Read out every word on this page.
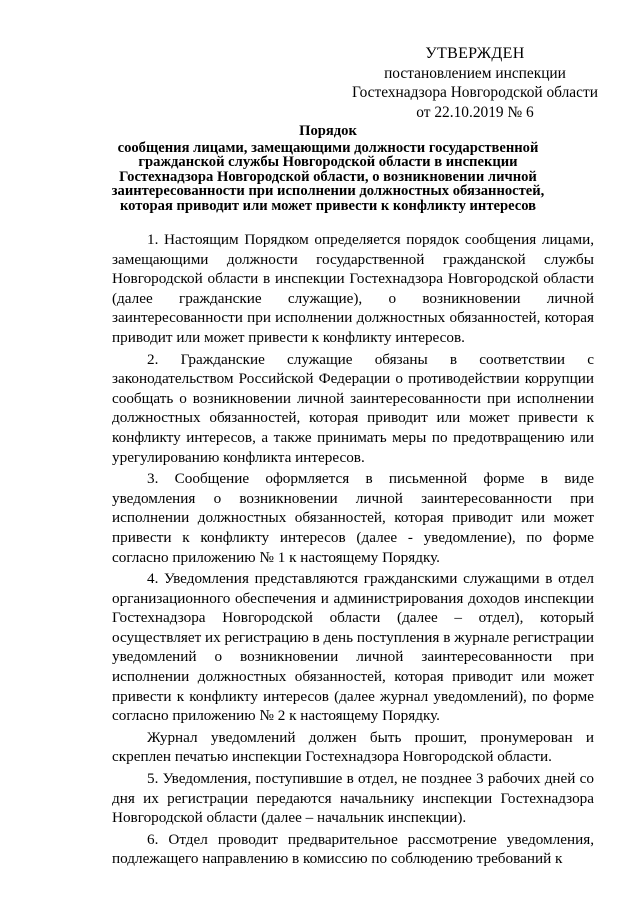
УТВЕРЖДЕН
постановлением инспекции
Гостехнадзора Новгородской области
от 22.10.2019 № 6
Порядок
сообщения лицами, замещающими должности государственной гражданской службы Новгородской области в инспекции Гостехнадзора Новгородской области, о возникновении личной заинтересованности при исполнении должностных обязанностей, которая приводит или может привести к конфликту интересов

1. Настоящим Порядком определяется порядок сообщения лицами, замещающими должности государственной гражданской службы Новгородской области в инспекции Гостехнадзора Новгородской области (далее гражданские служащие), о возникновении личной заинтересованности при исполнении должностных обязанностей, которая приводит или может привести к конфликту интересов.

2. Гражданские служащие обязаны в соответствии с законодательством Российской Федерации о противодействии коррупции сообщать о возникновении личной заинтересованности при исполнении должностных обязанностей, которая приводит или может привести к конфликту интересов, а также принимать меры по предотвращению или урегулированию конфликта интересов.

3. Сообщение оформляется в письменной форме в виде уведомления о возникновении личной заинтересованности при исполнении должностных обязанностей, которая приводит или может привести к конфликту интересов (далее - уведомление), по форме согласно приложению № 1 к настоящему Порядку.

4. Уведомления представляются гражданскими служащими в отдел организационного обеспечения и администрирования доходов инспекции Гостехнадзора Новгородской области (далее – отдел), который осуществляет их регистрацию в день поступления в журнале регистрации уведомлений о возникновении личной заинтересованности при исполнении должностных обязанностей, которая приводит или может привести к конфликту интересов (далее журнал уведомлений), по форме согласно приложению № 2 к настоящему Порядку.

Журнал уведомлений должен быть прошит, пронумерован и скреплен печатью инспекции Гостехнадзора Новгородской области.

5. Уведомления, поступившие в отдел, не позднее 3 рабочих дней со дня их регистрации передаются начальнику инспекции Гостехнадзора Новгородской области (далее – начальник инспекции).

6. Отдел проводит предварительное рассмотрение уведомления, подлежащего направлению в комиссию по соблюдению требований к
